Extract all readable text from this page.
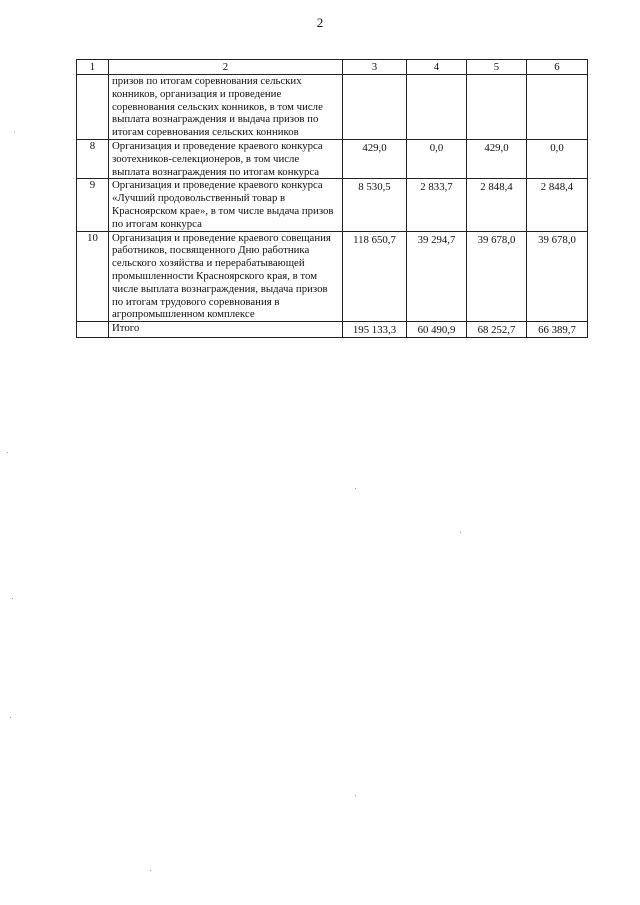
2
1	2	3	4	5	6
	призов по итогам соревнования сельских конников, организация и проведение соревнования сельских конников, в том числе выплата вознаграждения и выдача призов по итогам соревнования сельских конников				
8	Организация и проведение краевого конкурса зоотехников-селекционеров, в том числе выплата вознаграждения по итогам конкурса	429,0	0,0	429,0	0,0
9	Организация и проведение краевого конкурса «Лучший продовольственный товар в Красноярском крае», в том числе выдача призов по итогам конкурса	8 530,5	2 833,7	2 848,4	2 848,4
10	Организация и проведение краевого совещания работников, посвященного Дню работника сельского хозяйства и перерабатывающей промышленности Красноярского края, в том числе выплата вознаграждения, выдача призов по итогам трудового соревнования в агропромышленном комплексе	118 650,7	39 294,7	39 678,0	39 678,0
	Итого	195 133,3	60 490,9	68 252,7	66 389,7
